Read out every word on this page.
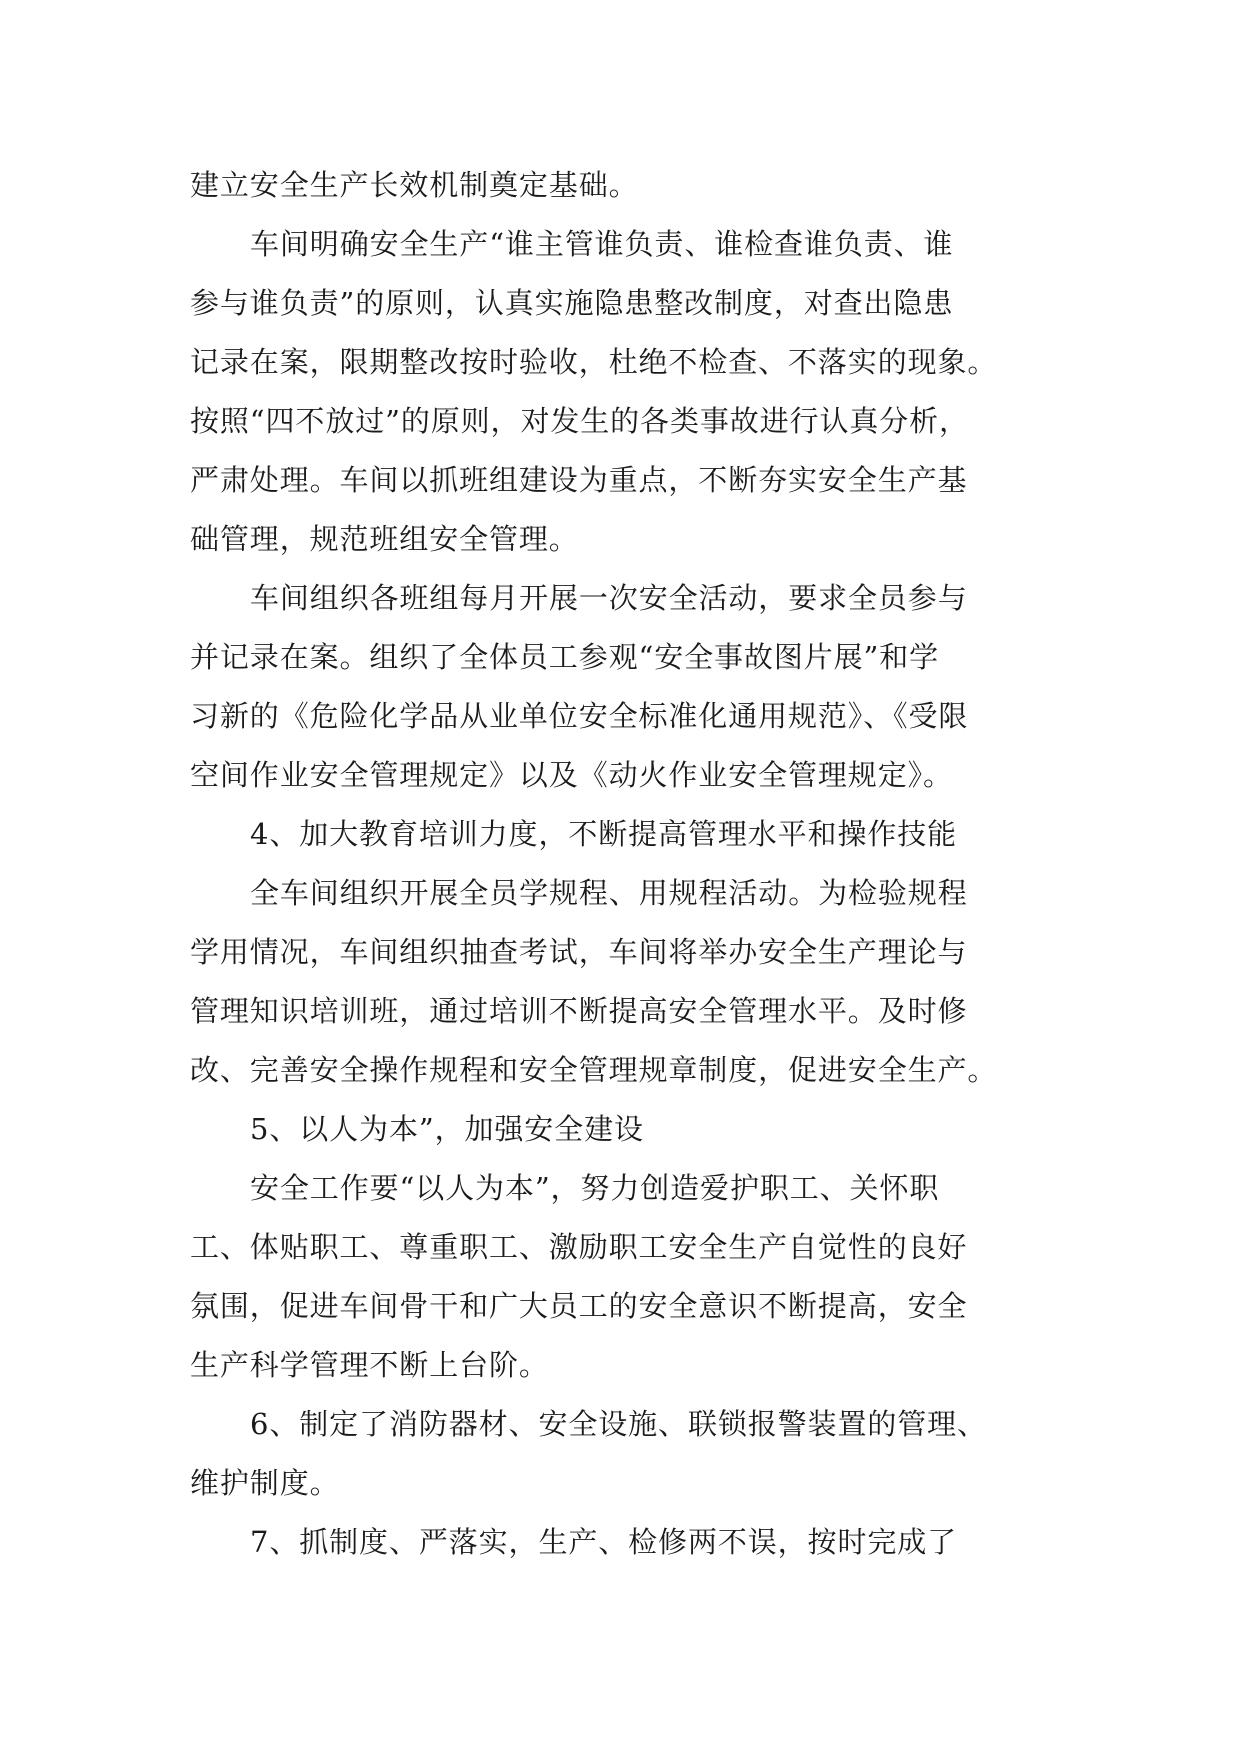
建立安全生产长效机制奠定基础。
车间明确安全生产“谁主管谁负责、谁检查谁负责、谁
参与谁负责”的原则，认真实施隐患整改制度，对查出隐患
记录在案，限期整改按时验收，杜绝不检查、不落实的现象。
按照“四不放过”的原则，对发生的各类事故进行认真分析，
严肃处理。车间以抓班组建设为重点，不断夯实安全生产基
础管理，规范班组安全管理。
车间组织各班组每月开展一次安全活动，要求全员参与
并记录在案。组织了全体员工参观“安全事故图片展”和学
习新的《危险化学品从业单位安全标准化通用规范》、《受限
空间作业安全管理规定》以及《动火作业安全管理规定》。
4、加大教育培训力度，不断提高管理水平和操作技能
全车间组织开展全员学规程、用规程活动。为检验规程
学用情况，车间组织抽查考试，车间将举办安全生产理论与
管理知识培训班，通过培训不断提高安全管理水平。及时修
改、完善安全操作规程和安全管理规章制度，促进安全生产。
5、以人为本”，加强安全建设
安全工作要“以人为本”，努力创造爱护职工、关怀职
工、体贴职工、尊重职工、激励职工安全生产自觉性的良好
氛围，促进车间骨干和广大员工的安全意识不断提高，安全
生产科学管理不断上台阶。
6、制定了消防器材、安全设施、联锁报警装置的管理、
维护制度。
7、抓制度、严落实，生产、检修两不误，按时完成了
